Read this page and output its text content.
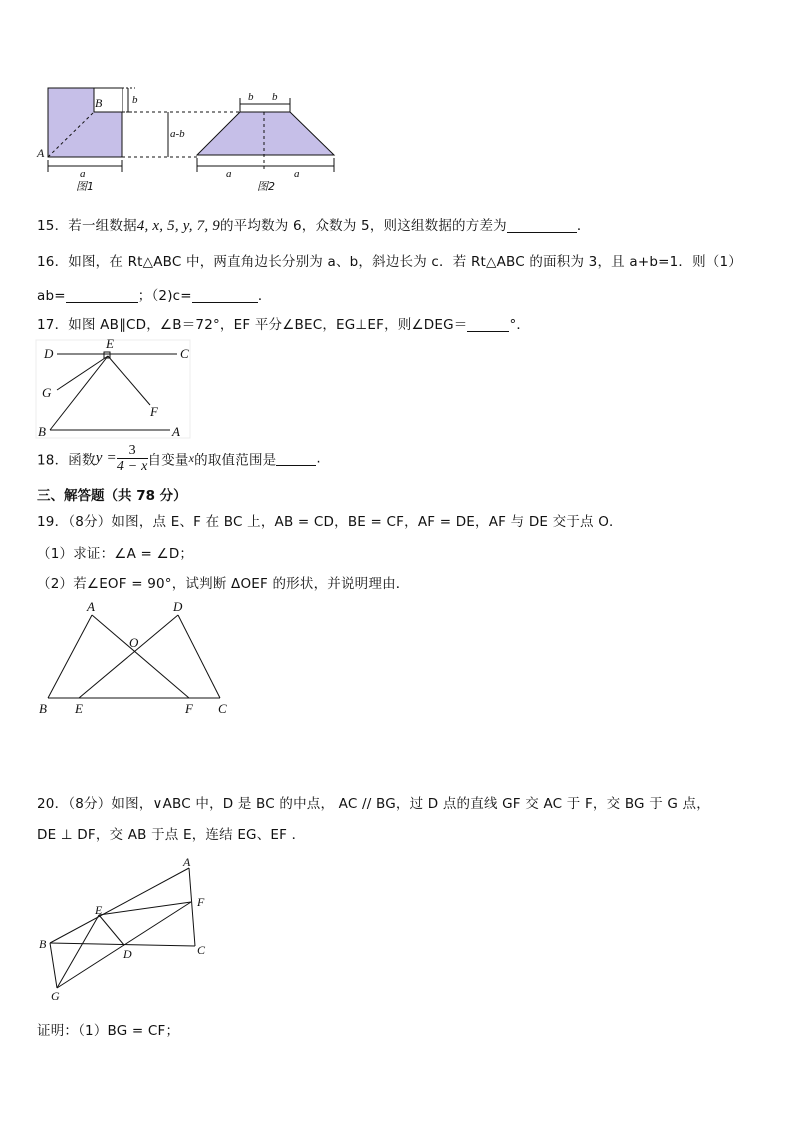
b
B
A
a
图1
a-b
b b
a	a
图2
15．若一组数据4, x, 5, y, 7, 9的平均数为 6，众数为 5，则这组数据的方差为	．
16．如图，在 Rt△ABC 中，两直角边长分别为 a、b，斜边长为 c．若 Rt△ABC 的面积为 3，且 a+b=1．则（1）
ab=	；（2)c=	．
17．如图 AB∥CD，∠B＝72°，EF 平分∠BEC，EG⊥EF，则∠DEG＝	°．
D
E
C
G
F
B	A
18．函数$y = \frac{3}{4 - x}$ 自变量x的取值范围是	.
三、解答题（共 78 分）
19．（8分）如图，点 E、F 在 BC 上，AB = CD，BE = CF，AF = DE，AF 与 DE 交于点 O．
（1）求证：∠A = ∠D；
（2）若∠EOF = 90°，试判断 ΔOEF 的形状，并说明理由．
A	D
O
B E	F C
20．（8分）如图，∨ABC 中，D 是 BC 的中点， AC // BG，过 D 点的直线 GF 交 AC 于 F，交 BG 于 G 点，
DE ⊥ DF，交 AB 于点 E，连结 EG、EF ．
A
E
F
B
D	C
G
证明：（1）BG = CF；
